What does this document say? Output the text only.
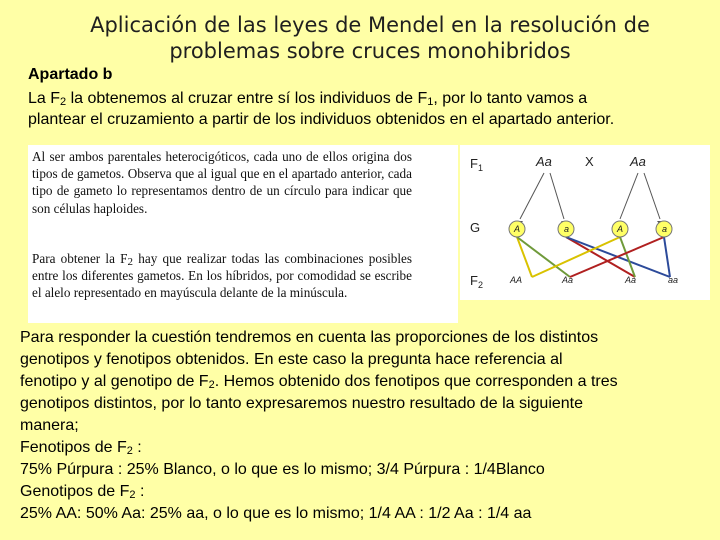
Aplicación de las leyes de Mendel en la resolución de
problemas sobre cruces monohibridos
Apartado b
La $F_2$ la obtenemos al cruzar entre sí los individuos de $F_1$, por lo tanto vamos a
plantear el cruzamiento a partir de los individuos obtenidos en el apartado anterior.
Al ser ambos parentales heterocigóticos, cada uno de ellos origina dos tipos de gametos. Observa que al igual que en el apartado anterior, cada tipo de gameto lo representamos dentro de un círculo para indicar que son células haploides.
Para obtener la $F_2$ hay que realizar todas las combinaciones posibles entre los diferentes gametos. En los híbridos, por comodidad se escribe el alelo representado en mayúscula delante de la minúscula.
$F_1$	Aa	X	Aa
G	A	a	A	a
$F_2$	AA	Aa	Aa	aa
Para responder la cuestión tendremos en cuenta las proporciones de los distintos
genotipos y fenotipos obtenidos. En este caso la pregunta hace referencia al
fenotipo y al genotipo de $F_2$. Hemos obtenido dos fenotipos que corresponden a tres
genotipos distintos, por lo tanto expresaremos nuestro resultado de la siguiente
manera;
Fenotipos de $F_2$ :
75% Púrpura : 25% Blanco, o lo que es lo mismo; 3/4 Púrpura : 1/4Blanco
Genotipos de $F_2$ :
25% AA: 50% Aa: 25% aa, o lo que es lo mismo; 1/4 AA : 1/2 Aa : 1/4 aa
